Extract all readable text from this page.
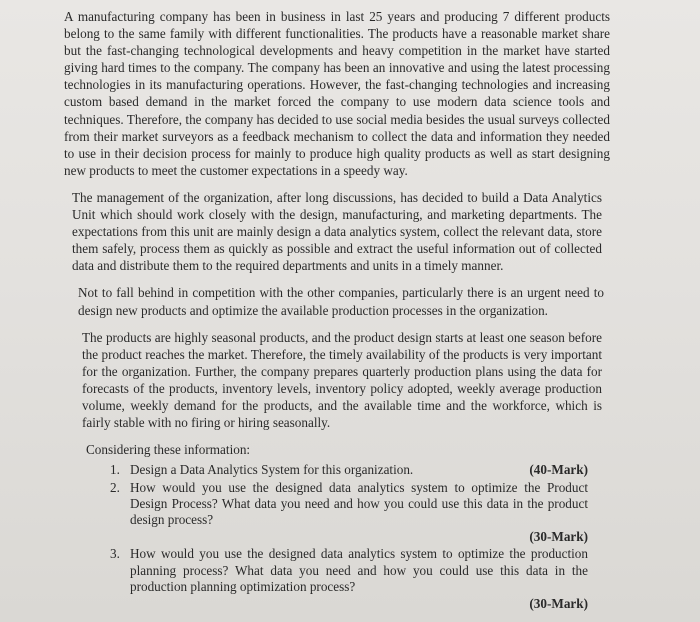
A manufacturing company has been in business in last 25 years and producing 7 different products belong to the same family with different functionalities. The products have a reasonable market share but the fast-changing technological developments and heavy competition in the market have started giving hard times to the company. The company has been an innovative and using the latest processing technologies in its manufacturing operations. However, the fast-changing technologies and increasing custom based demand in the market forced the company to use modern data science tools and techniques. Therefore, the company has decided to use social media besides the usual surveys collected from their market surveyors as a feedback mechanism to collect the data and information they needed to use in their decision process for mainly to produce high quality products as well as start designing new products to meet the customer expectations in a speedy way.

The management of the organization, after long discussions, has decided to build a Data Analytics Unit which should work closely with the design, manufacturing, and marketing departments. The expectations from this unit are mainly design a data analytics system, collect the relevant data, store them safely, process them as quickly as possible and extract the useful information out of collected data and distribute them to the required departments and units in a timely manner.

Not to fall behind in competition with the other companies, particularly there is an urgent need to design new products and optimize the available production processes in the organization.

The products are highly seasonal products, and the product design starts at least one season before the product reaches the market. Therefore, the timely availability of the products is very important for the organization. Further, the company prepares quarterly production plans using the data for forecasts of the products, inventory levels, inventory policy adopted, weekly average production volume, weekly demand for the products, and the available time and the workforce, which is fairly stable with no firing or hiring seasonally.

Considering these information:

1.	(40-Mark)
Design a Data Analytics System for this organization.
2. How would you use the designed data analytics system to optimize the Product Design Process? What data you need and how you could use this data in the product design process?
(30-Mark)
3. How would you use the designed data analytics system to optimize the production planning process? What data you need and how you could use this data in the production planning optimization process?
(30-Mark)
